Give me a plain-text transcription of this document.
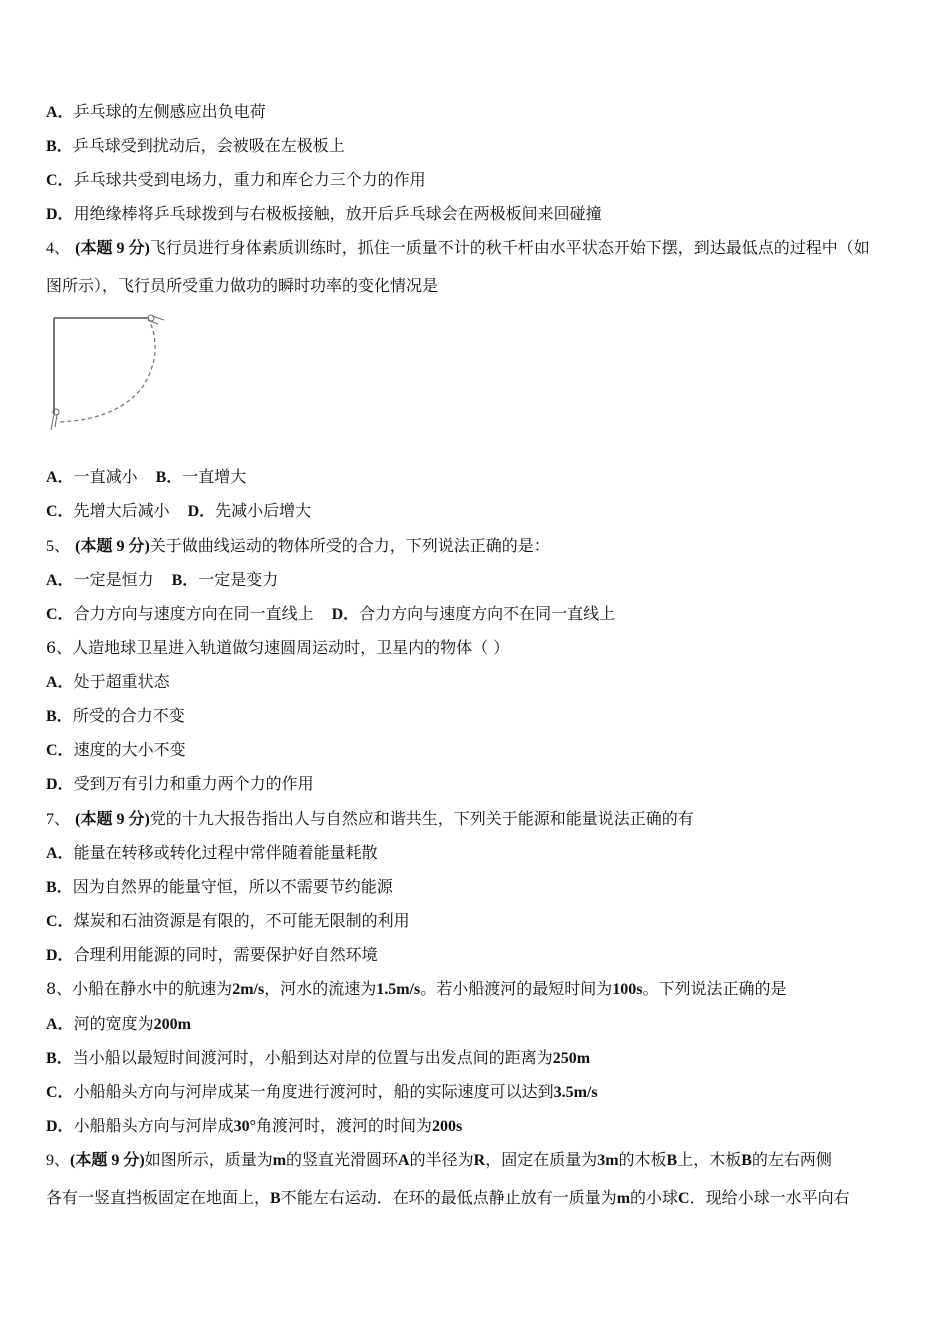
A．乒乓球的左侧感应出负电荷
B．乒乓球受到扰动后，会被吸在左极板上
C．乒乓球共受到电场力，重力和库仑力三个力的作用
D．用绝缘棒将乒乓球拨到与右极板接触，放开后乒乓球会在两极板间来回碰撞
4、 (本题 9 分)飞行员进行身体素质训练时，抓住一质量不计的秋千杆由水平状态开始下摆，到达最低点的过程中（如
图所示），飞行员所受重力做功的瞬时功率的变化情况是
A．一直减小 B．一直增大
C．先增大后减小 D．先减小后增大
5、 (本题 9 分)关于做曲线运动的物体所受的合力，下列说法正确的是：
A．一定是恒力 B．一定是变力
C．合力方向与速度方向在同一直线上 D．合力方向与速度方向不在同一直线上
6、人造地球卫星进入轨道做匀速圆周运动时，卫星内的物体（ ）
A．处于超重状态
B．所受的合力不变
C．速度的大小不变
D．受到万有引力和重力两个力的作用
7、 (本题 9 分)党的十九大报告指出人与自然应和谐共生，下列关于能源和能量说法正确的有
A．能量在转移或转化过程中常伴随着能量耗散
B．因为自然界的能量守恒，所以不需要节约能源
C．煤炭和石油资源是有限的，不可能无限制的利用
D．合理利用能源的同时，需要保护好自然环境
8、小船在静水中的航速为2m/s，河水的流速为1.5m/s。若小船渡河的最短时间为100s。下列说法正确的是
A．河的宽度为200m
B．当小船以最短时间渡河时，小船到达对岸的位置与出发点间的距离为250m
C．小船船头方向与河岸成某一角度进行渡河时，船的实际速度可以达到3.5m/s
D．小船船头方向与河岸成30°角渡河时，渡河的时间为200s
9、(本题 9 分)如图所示，质量为m的竖直光滑圆环A的半径为R，固定在质量为3m的木板B上，木板B的左右两侧
各有一竖直挡板固定在地面上，B不能左右运动．在环的最低点静止放有一质量为m的小球C．现给小球一水平向右
